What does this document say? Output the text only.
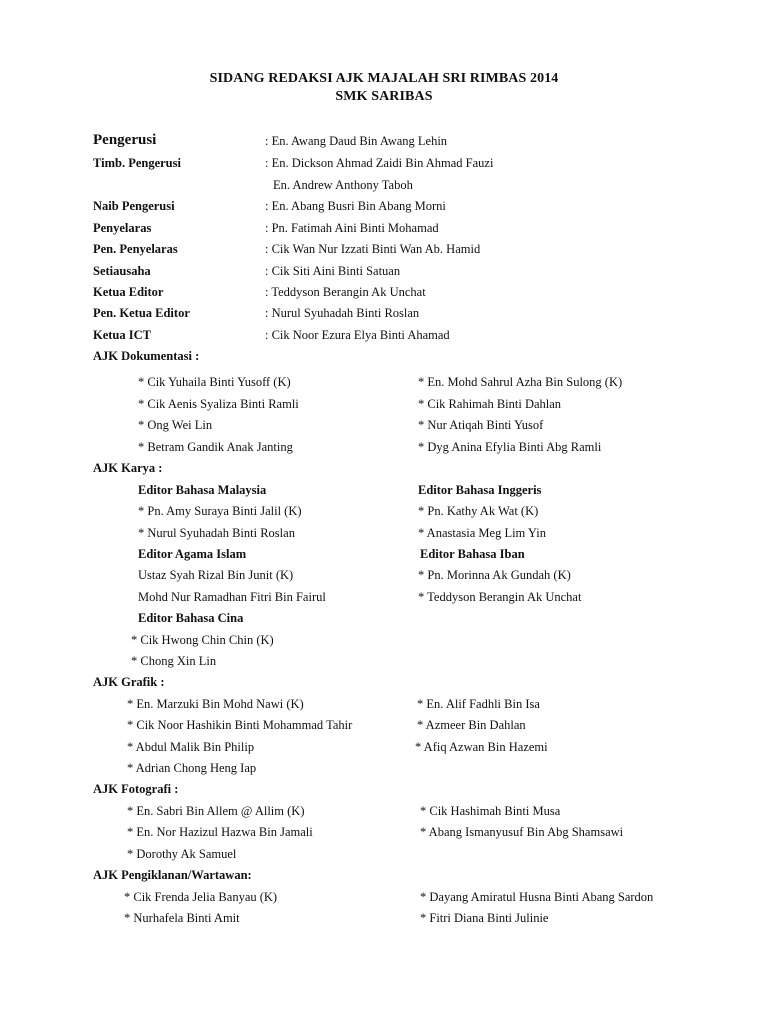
SIDANG REDAKSI AJK MAJALAH SRI RIMBAS 2014
SMK SARIBAS
Pengerusi	: En. Awang Daud Bin Awang Lehin
Timb. Pengerusi	: En. Dickson Ahmad Zaidi Bin Ahmad Fauzi
En. Andrew Anthony Taboh
Naib Pengerusi	: En. Abang Busri Bin Abang Morni
Penyelaras	: Pn. Fatimah Aini Binti Mohamad
Pen. Penyelaras	: Cik Wan Nur Izzati Binti Wan Ab. Hamid
Setiausaha	: Cik Siti Aini Binti Satuan
Ketua Editor	: Teddyson Berangin Ak Unchat
Pen. Ketua Editor	: Nurul Syuhadah Binti Roslan
Ketua ICT	: Cik Noor Ezura Elya Binti Ahamad
AJK Dokumentasi :
* Cik Yuhaila Binti Yusoff (K)	* En. Mohd Sahrul Azha Bin Sulong (K)
* Cik Aenis Syaliza Binti Ramli	* Cik Rahimah Binti Dahlan
* Ong Wei Lin	* Nur Atiqah Binti Yusof
* Betram Gandik Anak Janting	* Dyg Anina Efylia Binti Abg Ramli
AJK Karya :
Editor Bahasa Malaysia	Editor Bahasa Inggeris
* Pn. Amy Suraya Binti Jalil (K)	* Pn. Kathy Ak Wat (K)
* Nurul Syuhadah Binti Roslan	* Anastasia Meg Lim Yin
Editor Agama Islam	Editor Bahasa Iban
Ustaz Syah Rizal Bin Junit (K)	* Pn. Morinna Ak Gundah (K)
Mohd Nur Ramadhan Fitri Bin Fairul	* Teddyson Berangin Ak Unchat
Editor Bahasa Cina
* Cik Hwong Chin Chin (K)
* Chong Xin Lin
AJK Grafik :
* En. Marzuki Bin Mohd Nawi (K)	* En. Alif Fadhli Bin Isa
* Cik Noor Hashikin Binti Mohammad Tahir	* Azmeer Bin Dahlan
* Abdul Malik Bin Philip	* Afiq Azwan Bin Hazemi
* Adrian Chong Heng Iap
AJK Fotografi :
* En. Sabri Bin Allem @ Allim (K)	* Cik Hashimah Binti Musa
* En. Nor Hazizul Hazwa Bin Jamali	* Abang Ismanyusuf Bin Abg Shamsawi
* Dorothy Ak Samuel
AJK Pengiklanan/Wartawan:
* Cik Frenda Jelia Banyau (K)	* Dayang Amiratul Husna Binti Abang Sardon
* Nurhafela Binti Amit	* Fitri Diana Binti Julinie
